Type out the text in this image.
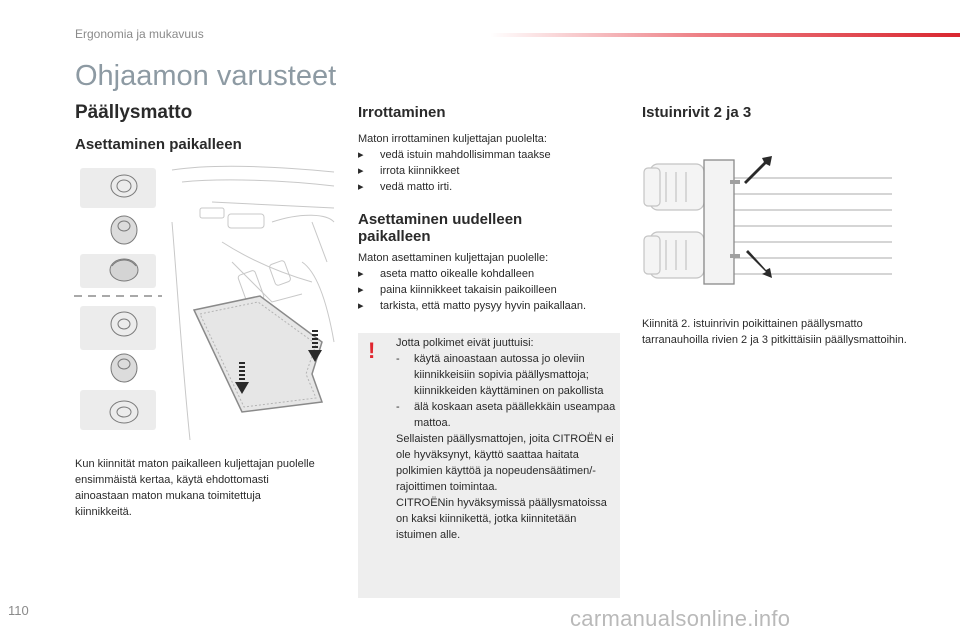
Ergonomia ja mukavuus
Ohjaamon varusteet
Päällysmatto
Asettaminen paikalleen
Kun kiinnität maton paikalleen kuljettajan puolelle ensimmäistä kertaa, käytä ehdottomasti ainoastaan maton mukana toimitettuja kiinnikkeitä.
Irrottaminen
Maton irrottaminen kuljettajan puolelta:
▸ vedä istuin mahdollisimman taakse
▸ irrota kiinnikkeet
▸ vedä matto irti.
Asettaminen uudelleen
paikalleen
Maton asettaminen kuljettajan puolelle:
▸ aseta matto oikealle kohdalleen
▸ paina kiinnikkeet takaisin paikoilleen
▸ tarkista, että matto pysyy hyvin paikallaan.
! Jotta polkimet eivät juuttuisi:
-	käytä ainoastaan autossa jo oleviin kiinnikkeisiin sopivia päällysmattoja; kiinnikkeiden käyttäminen on pakollista
-	älä koskaan aseta päällekkäin useampaa mattoa.
Sellaisten päällysmattojen, joita CITROËN ei ole hyväksynyt, käyttö saattaa haitata polkimien käyttöä ja nopeudensäätimen/-rajoittimen toimintaa.
CITROËNin hyväksymissä päällysmatoissa on kaksi kiinnikettä, jotka kiinnitetään istuimen alle.
Istuinrivit 2 ja 3
Kiinnitä 2. istuinrivin poikittainen päällysmatto tarranauhoilla rivien 2 ja 3 pitkittäisiin päällysmattoihin.
110	carmanualsonline.info
